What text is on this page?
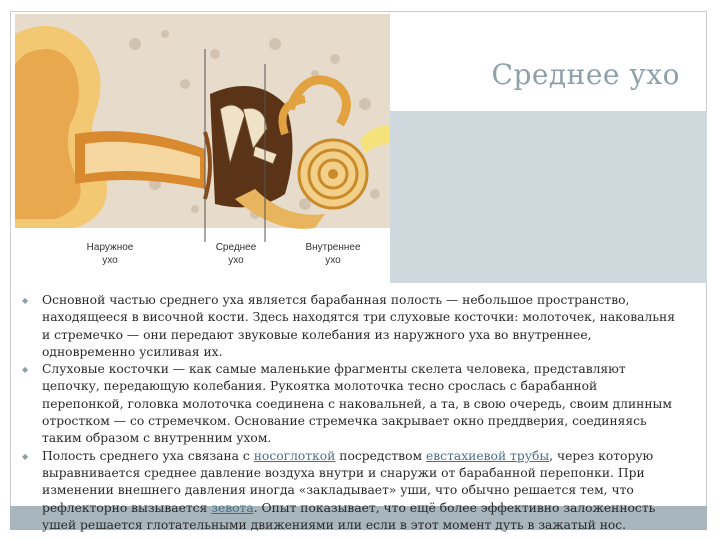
Среднее ухо
Наружное
ухо
Среднее
ухо
Внутреннее
ухо
◆ Основной частью среднего уха является барабанная полость — небольшое пространство, находящееся в височной кости. Здесь находятся три слуховые косточки: молоточек, наковальня и стремечко — они передают звуковые колебания из наружного уха во внутреннее, одновременно усиливая их.
◆ Слуховые косточки — как самые маленькие фрагменты скелета человека, представляют цепочку, передающую колебания. Рукоятка молоточка тесно срослась с барабанной перепонкой, головка молоточка соединена с наковальней, а та, в свою очередь, своим длинным отростком — со стремечком. Основание стремечка закрывает окно преддверия, соединяясь таким образом с внутренним ухом.
◆ Полость среднего уха связана с носоглоткой посредством евстахиевой трубы, через которую выравнивается среднее давление воздуха внутри и снаружи от барабанной перепонки. При изменении внешнего давления иногда «закладывает» уши, что обычно решается тем, что рефлекторно вызывается зевота. Опыт показывает, что ещё более эффективно заложенность ушей решается глотательными движениями или если в этот момент дуть в зажатый нос.
